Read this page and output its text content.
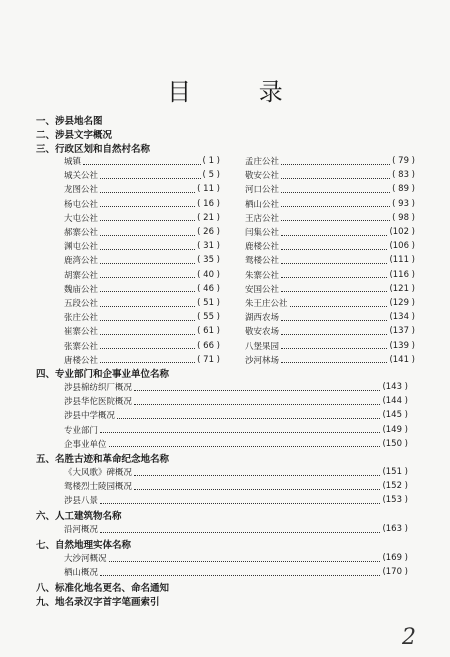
目 录
一、涉县地名图
二、涉县文字概况
三、行政区划和自然村名称
城镇	( 1 )
城关公社	( 5 )
龙图公社	( 11 )
杨屯公社	( 16 )
大屯公社	( 21 )
郝寨公社	( 26 )
渊屯公社	( 31 )
鹿湾公社	( 35 )
胡寨公社	( 40 )
魏庙公社	( 46 )
五段公社	( 51 )
张庄公社	( 55 )
崔寨公社	( 61 )
张寨公社	( 66 )
唐楼公社	( 71 )
孟庄公社	( 79 )
敬安公社	( 83 )
河口公社	( 89 )
栖山公社	( 93 )
王店公社	( 98 )
闫集公社	(102 )
鹿楼公社	(106 )
鸳楼公社	(111 )
朱寨公社	(116 )
安国公社	(121 )
朱王庄公社	(129 )
湖西农场	(134 )
敬安农场	(137 )
八堡果园	(139 )
沙河林场	(141 )
四、专业部门和企事业单位名称
涉县棉纺织厂概况	(143 )
涉县华佗医院概况	(144 )
涉县中学概况	(145 )
专业部门	(149 )
企事业单位	(150 )
五、名胜古迹和革命纪念地名称
《大风歌》碑概况	(151 )
鸳楼烈士陵园概况	(152 )
涉县八景	(153 )
六、人工建筑物名称
沿河概况	(163 )
七、自然地理实体名称
大沙河概况	(169 )
栖山概况	(170 )
八、标准化地名更名、命名通知
九、地名录汉字首字笔画索引
2
